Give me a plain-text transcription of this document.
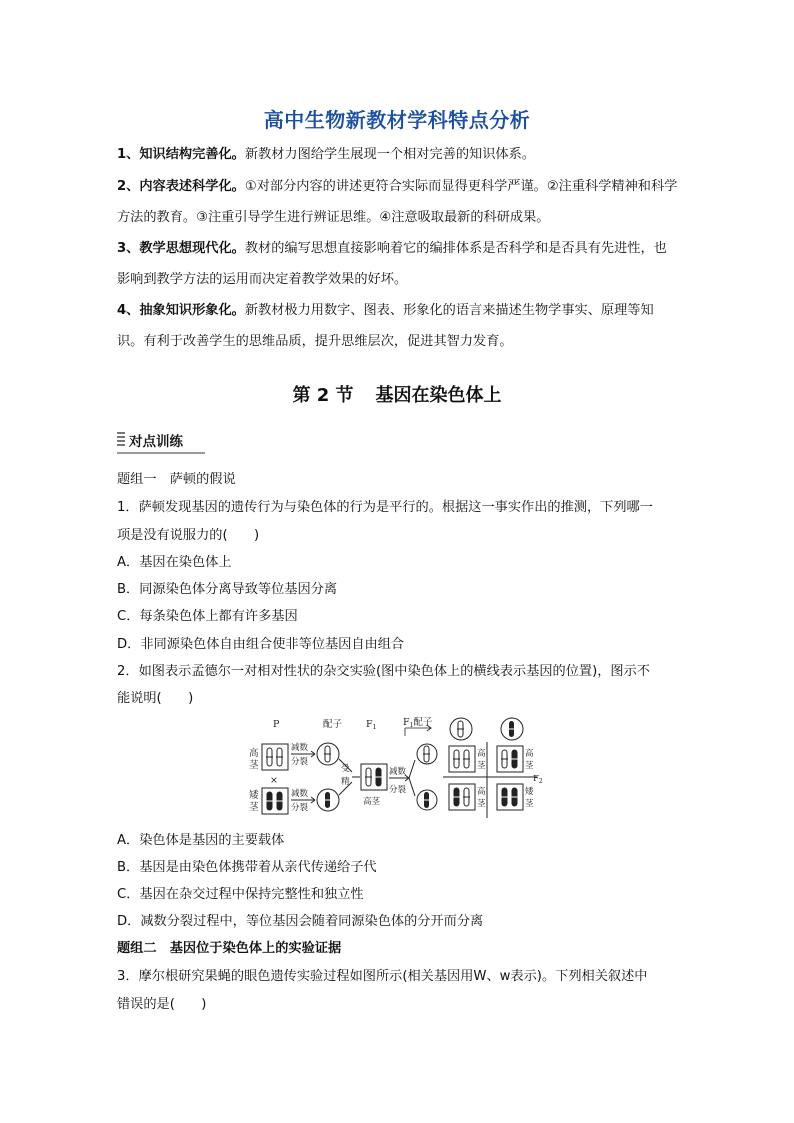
高中生物新教材学科特点分析
1、知识结构完善化。新教材力图给学生展现一个相对完善的知识体系。
2、内容表述科学化。①对部分内容的讲述更符合实际而显得更科学严谨。②注重科学精神和科学方法的教育。③注重引导学生进行辨证思维。④注意吸取最新的科研成果。
3、教学思想现代化。教材的编写思想直接影响着它的编排体系是否科学和是否具有先进性，也影响到教学方法的运用而决定着教学效果的好坏。
4、抽象知识形象化。新教材极力用数字、图表、形象化的语言来描述生物学事实、原理等知识。有利于改善学生的思维品质，提升思维层次，促进其智力发育。
第 2 节 基因在染色体上
对点训练
题组一　萨顿的假说
1．萨顿发现基因的遗传行为与染色体的行为是平行的。根据这一事实作出的推测，下列哪一
项是没有说服力的(　　)
A．基因在染色体上
B．同源染色体分离导致等位基因分离
C．每条染色体上都有许多基因
D．非同源染色体自由组合使非等位基因自由组合
2．如图表示孟德尔一对相对性状的杂交实验(图中染色体上的横线表示基因的位置)，图示不
能说明(　　)
P	配子	$F_1$	$F_1$配子
高
茎
×
矮
茎
减数
分裂
减数
分裂
受
精
高茎
减数
分裂
$F_2$
高
茎
高
茎
高
茎
矮
茎
A．染色体是基因的主要载体
B．基因是由染色体携带着从亲代传递给子代
C．基因在杂交过程中保持完整性和独立性
D．减数分裂过程中，等位基因会随着同源染色体的分开而分离
题组二　基因位于染色体上的实验证据
3．摩尔根研究果蝇的眼色遗传实验过程如图所示(相关基因用W、w表示)。下列相关叙述中
错误的是(　　)
